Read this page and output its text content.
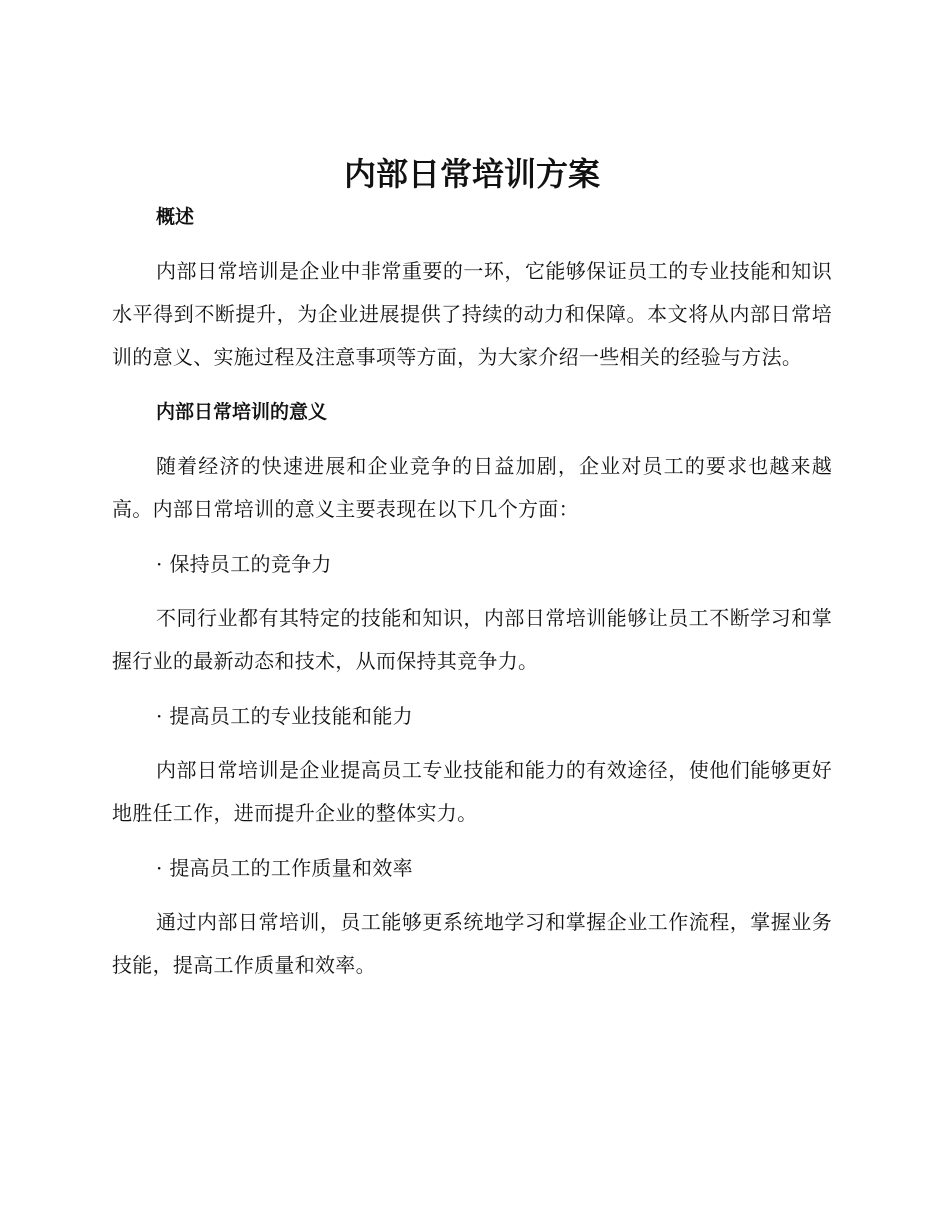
内部日常培训方案
概述

内部日常培训是企业中非常重要的一环，它能够保证员工的专业技能和知识水平得到不断提升，为企业进展提供了持续的动力和保障。本文将从内部日常培训的意义、实施过程及注意事项等方面，为大家介绍一些相关的经验与方法。

内部日常培训的意义

随着经济的快速进展和企业竞争的日益加剧，企业对员工的要求也越来越高。内部日常培训的意义主要表现在以下几个方面：

· 保持员工的竞争力

不同行业都有其特定的技能和知识，内部日常培训能够让员工不断学习和掌握行业的最新动态和技术，从而保持其竞争力。

· 提高员工的专业技能和能力

内部日常培训是企业提高员工专业技能和能力的有效途径，使他们能够更好地胜任工作，进而提升企业的整体实力。

· 提高员工的工作质量和效率

通过内部日常培训，员工能够更系统地学习和掌握企业工作流程，掌握业务技能，提高工作质量和效率。
